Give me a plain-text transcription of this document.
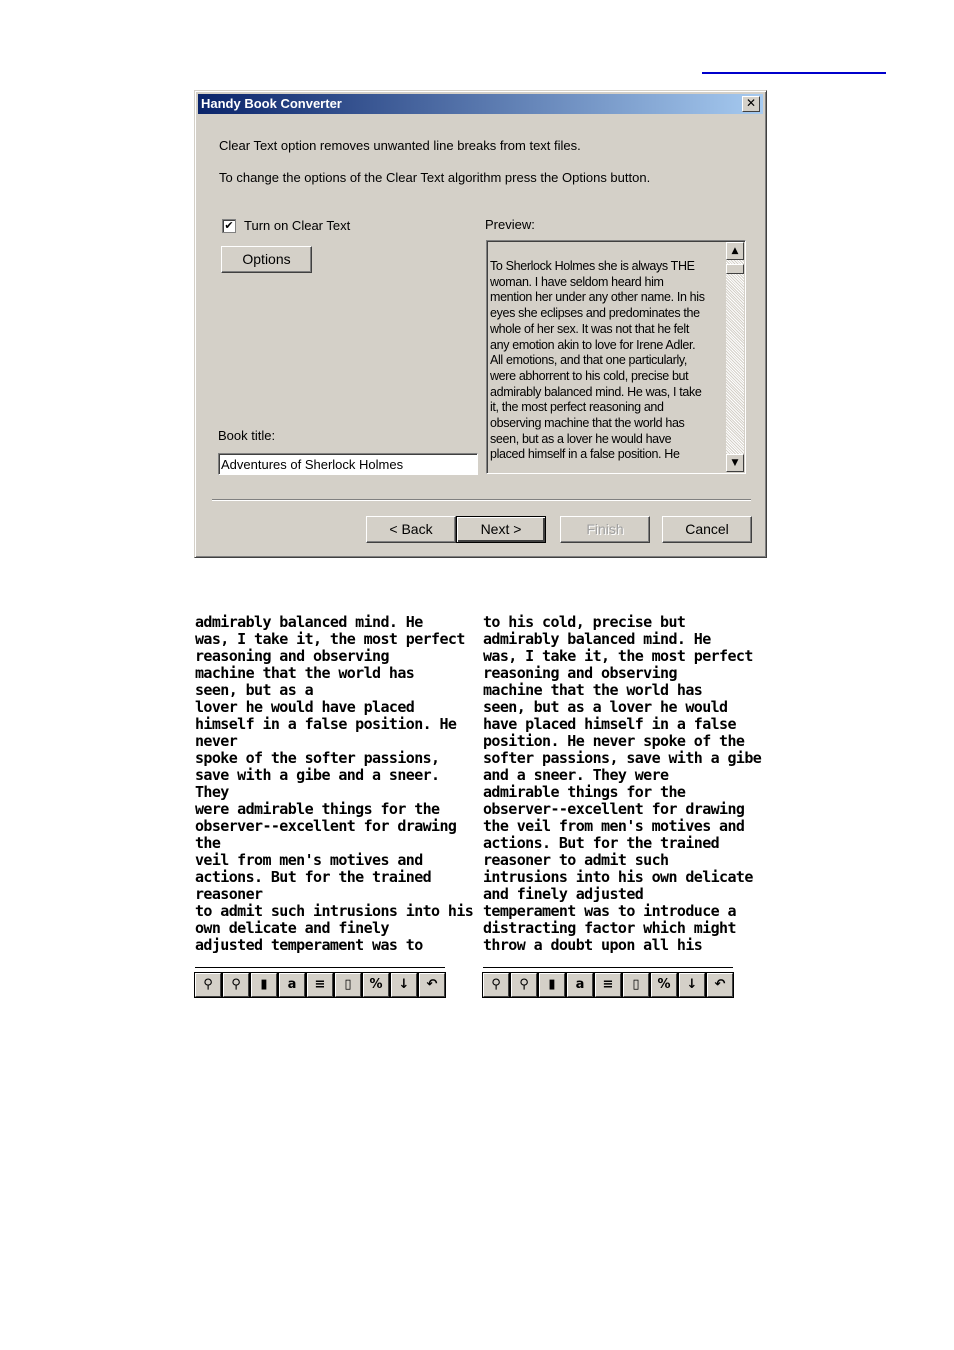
Handy Book Converter	✕
Clear Text option removes unwanted line breaks from text files.
To change the options of the Clear Text algorithm press the Options button.
✔ Turn on Clear Text
Options
Preview:
To Sherlock Holmes she is always THE
woman. I have seldom heard him
mention her under any other name. In his
eyes she eclipses and predominates the
whole of her sex. It was not that he felt
any emotion akin to love for Irene Adler.
All emotions, and that one particularly,
were abhorrent to his cold, precise but
admirably balanced mind. He was, I take
it, the most perfect reasoning and
observing machine that the world has
seen, but as a lover he would have
placed himself in a false position. He
▲
▼
Book title:
Adventures of Sherlock Holmes
< Back	Next >	Finish	Cancel
admirably balanced mind. He
was, I take it, the most perfect
reasoning and observing
machine that the world has
seen, but as a
lover he would have placed
himself in a false position. He
never
spoke of the softer passions,
save with a gibe and a sneer.
They
were admirable things for the
observer--excellent for drawing
the
veil from men's motives and
actions. But for the trained
reasoner
to admit such intrusions into his
own delicate and finely
adjusted temperament was to
to his cold, precise but
admirably balanced mind. He
was, I take it, the most perfect
reasoning and observing
machine that the world has
seen, but as a lover he would
have placed himself in a false
position. He never spoke of the
softer passions, save with a gibe
and a sneer. They were
admirable things for the
observer--excellent for drawing
the veil from men's motives and
actions. But for the trained
reasoner to admit such
intrusions into his own delicate
and finely adjusted
temperament was to introduce a
distracting factor which might
throw a doubt upon all his
⚲	⚲	▮	a	≡	▯	%	↓	↶	⚲	⚲	▮	a	≡	▯	%	↓	↶
